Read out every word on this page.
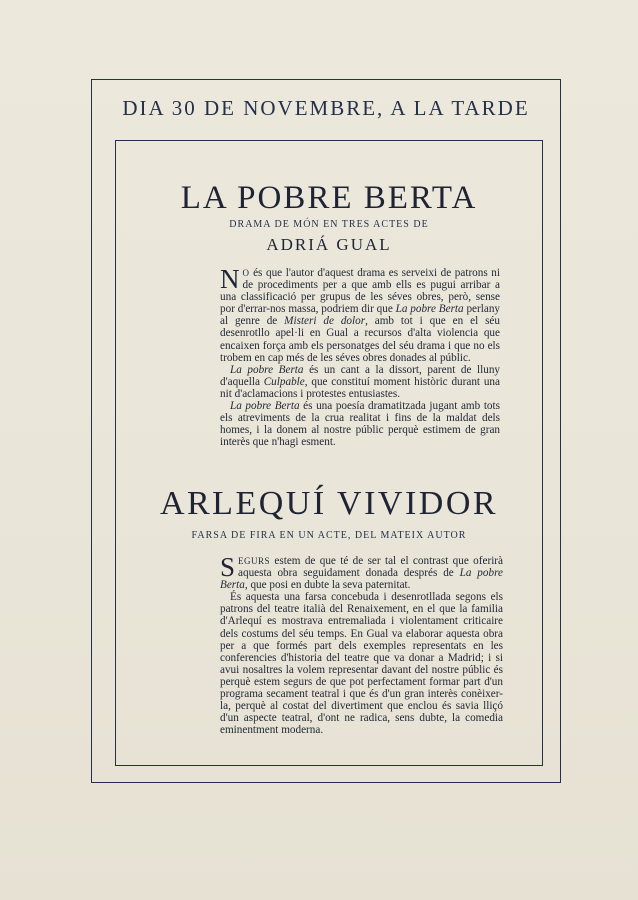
DIA 30 DE NOVEMBRE, A LA TARDE
LA POBRE BERTA
DRAMA DE MÓN EN TRES ACTES DE
ADRIÁ GUAL

N O és que l'autor d'aquest drama es serveixi de patrons ni de procediments per a que amb ells es pugui arribar a una classificació per grupus de les séves obres, però, sense por d'errar-nos massa, podriem dir que La pobre Berta perlany al genre de Misteri de dolor, amb tot i que en el séu desenrotllo apel·li en Gual a recursos d'alta violencia que encaixen força amb els personatges del séu drama i que no els trobem en cap més de les séves obres donades al públic.

La pobre Berta és un cant a la dissort, parent de lluny d'aquella Culpable, que constituí moment històric durant una nit d'aclamacions i protestes entusiastes.

La pobre Berta és una poesía dramatitzada jugant amb tots els atreviments de la crua realitat i fins de la maldat dels homes, i la donem al nostre públic perquè estimem de gran interès que n'hagi esment.

ARLEQUÍ VIVIDOR
FARSA DE FIRA EN UN ACTE, DEL MATEIX AUTOR

SEGURS estem de que té de ser tal el contrast que oferirà aquesta obra seguidament donada després de La pobre Berta, que posi en dubte la seva paternitat.

És aquesta una farsa concebuda i desenrotllada segons els patrons del teatre italià del Renaixement, en el que la familia d'Arlequí es mostrava entremaliada i violentament criticaire dels costums del séu temps. En Gual va elaborar aquesta obra per a que formés part dels exemples representats en les conferencies d'historia del teatre que va donar a Madrid; i si avui nosaltres la volem representar davant del nostre públic és perquè estem segurs de que pot perfectament formar part d'un programa secament teatral i que és d'un gran interès conèixer-la, perquè al costat del divertiment que enclou és savia lliçó d'un aspecte teatral, d'ont ne radica, sens dubte, la comedia eminentment moderna.
